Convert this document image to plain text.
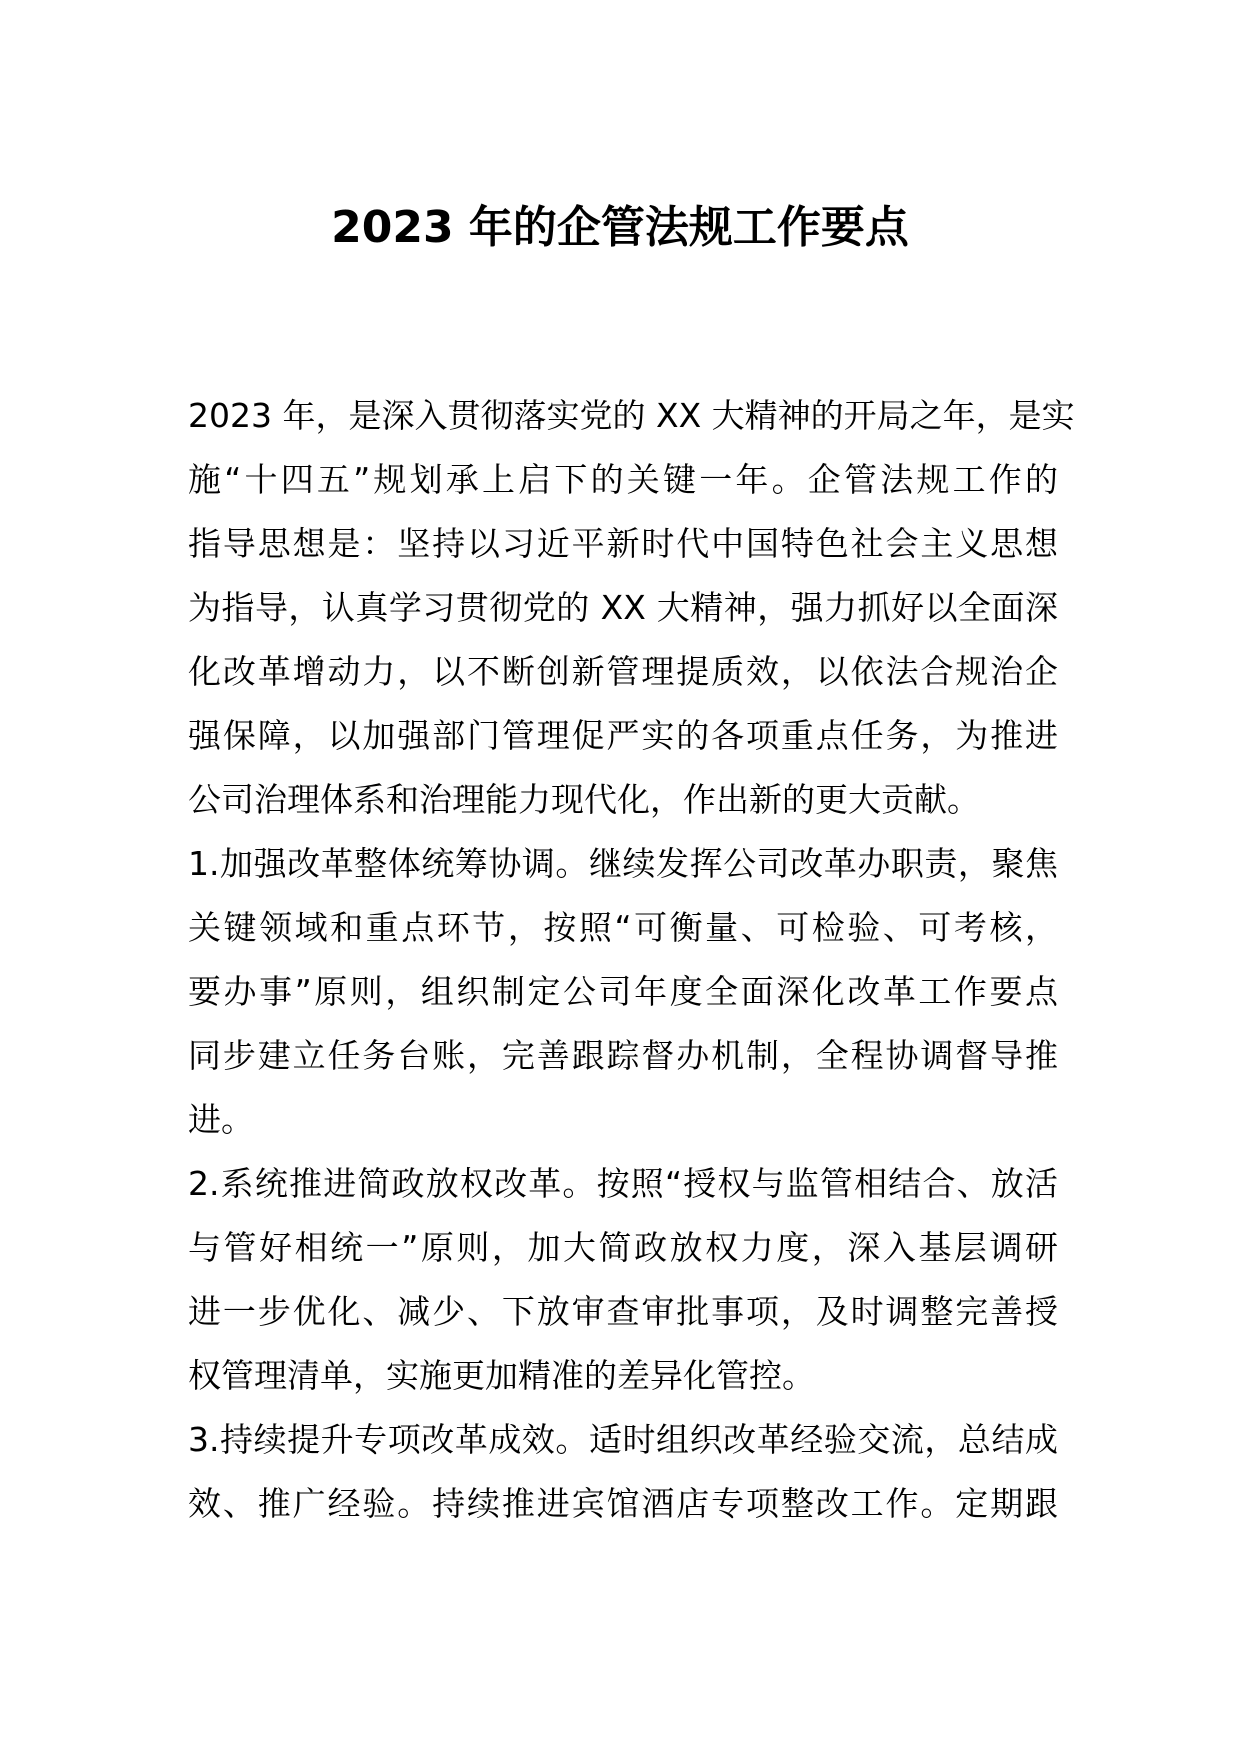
2023 年的企管法规工作要点
2023 年，是深入贯彻落实党的 XX 大精神的开局之年，是实
施“十四五”规划承上启下的关键一年。企管法规工作的
指导思想是：坚持以习近平新时代中国特色社会主义思想
为指导，认真学习贯彻党的 XX 大精神，强力抓好以全面深
化改革增动力，以不断创新管理提质效，以依法合规治企
强保障，以加强部门管理促严实的各项重点任务，为推进
公司治理体系和治理能力现代化，作出新的更大贡献。
1.加强改革整体统筹协调。继续发挥公司改革办职责，聚焦
关键领域和重点环节，按照“可衡量、可检验、可考核，
要办事”原则，组织制定公司年度全面深化改革工作要点
同步建立任务台账，完善跟踪督办机制，全程协调督导推
进。
2.系统推进简政放权改革。按照“授权与监管相结合、放活
与管好相统一”原则，加大简政放权力度，深入基层调研
进一步优化、减少、下放审查审批事项，及时调整完善授
权管理清单，实施更加精准的差异化管控。
3.持续提升专项改革成效。适时组织改革经验交流，总结成
效、推广经验。持续推进宾馆酒店专项整改工作。定期跟
